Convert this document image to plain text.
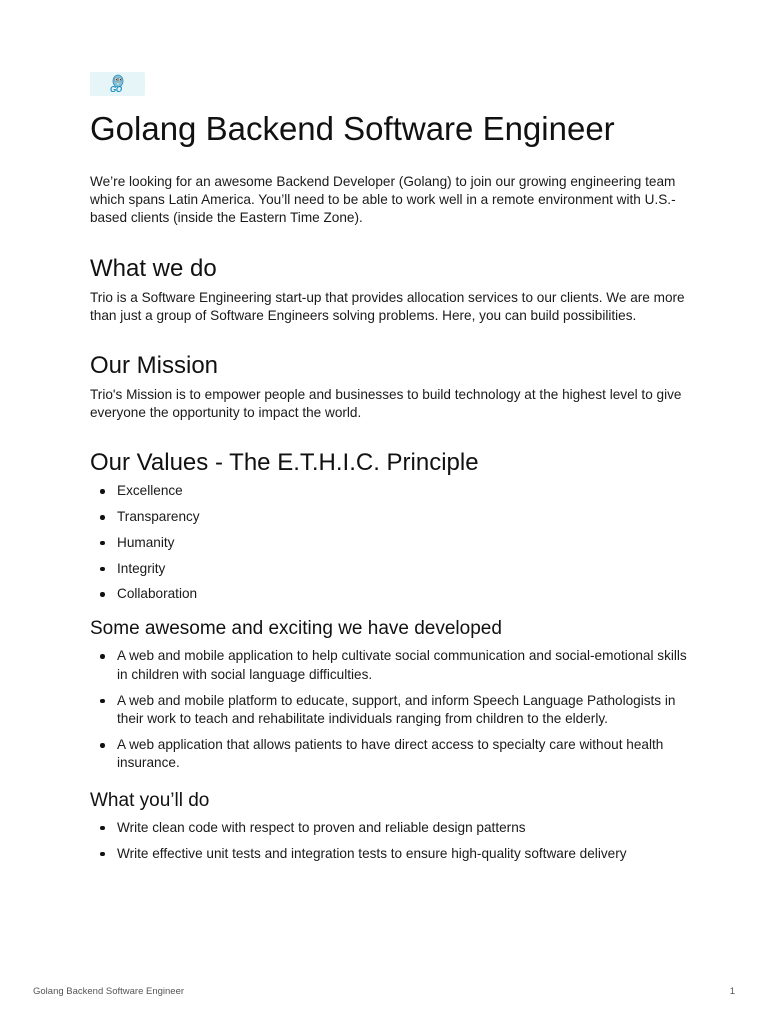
GO
Golang Backend Software Engineer

We’re looking for an awesome Backend Developer (Golang) to join our growing engineering team which spans Latin America. You’ll need to be able to work well in a remote environment with U.S.-based clients (inside the Eastern Time Zone).

What we do

Trio is a Software Engineering start-up that provides allocation services to our clients. We are more than just a group of Software Engineers solving problems. Here, you can build possibilities.

Our Mission

Trio's Mission is to empower people and businesses to build technology at the highest level to give everyone the opportunity to impact the world.

Our Values - The E.T.H.I.C. Principle
Excellence
Transparency
Humanity
Integrity
Collaboration
Some awesome and exciting we have developed
A web and mobile application to help cultivate social communication and social-emotional skills in children with social language difficulties.
A web and mobile platform to educate, support, and inform Speech Language Pathologists in their work to teach and rehabilitate individuals ranging from children to the elderly.
A web application that allows patients to have direct access to specialty care without health insurance.
What you’ll do
Write clean code with respect to proven and reliable design patterns
Write effective unit tests and integration tests to ensure high-quality software delivery
Golang Backend Software Engineer	1
